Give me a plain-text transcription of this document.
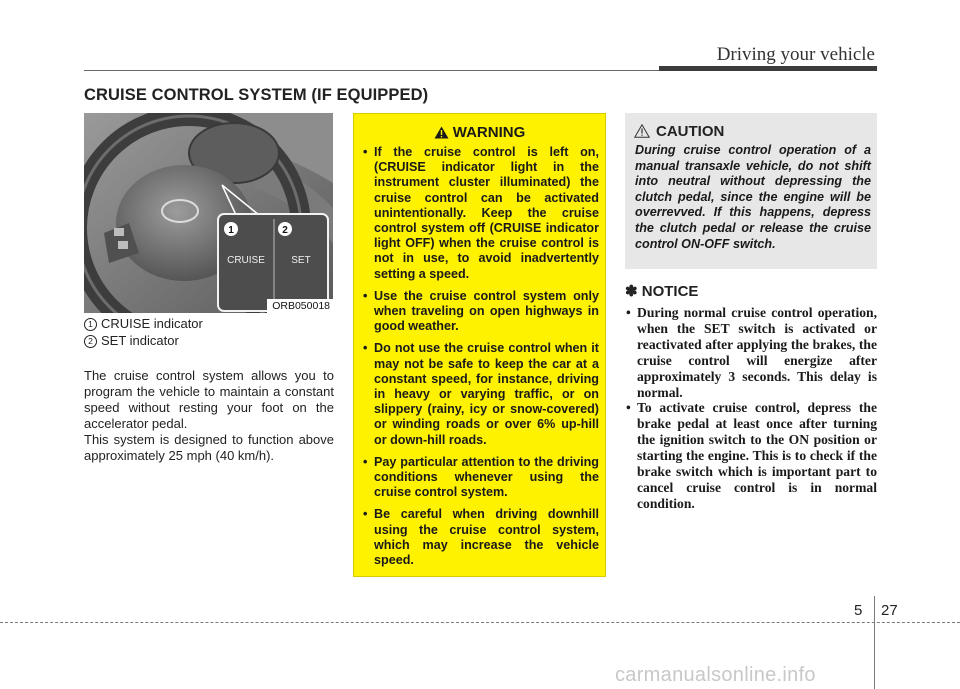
Driving your vehicle
CRUISE CONTROL SYSTEM (IF EQUIPPED)
1	2
CRUISE	SET
ORB050018
1 CRUISE indicator
2 SET indicator
The cruise control system allows you to program the vehicle to maintain a constant speed without resting your foot on the accelerator pedal.
This system is designed to function above approximately 25 mph (40 km/h).
WARNING
• If the cruise control is left on, (CRUISE indicator light in the instrument cluster illuminated) the cruise control can be activated unintentionally. Keep the cruise control system off (CRUISE indicator light OFF) when the cruise control is not in use, to avoid inadvertently setting a speed.
• Use the cruise control system only when traveling on open highways in good weather.
• Do not use the cruise control when it may not be safe to keep the car at a constant speed, for instance, driving in heavy or varying traffic, or on slippery (rainy, icy or snow-covered) or winding roads or over 6% up-hill or down-hill roads.
• Pay particular attention to the driving conditions whenever using the cruise control system.
• Be careful when driving downhill using the cruise control system, which may increase the vehicle speed.
CAUTION
During cruise control operation of a manual transaxle vehicle, do not shift into neutral without depressing the clutch pedal, since the engine will be overrevved. If this happens, depress the clutch pedal or release the cruise control ON-OFF switch.
✽ NOTICE
• During normal cruise control operation, when the SET switch is activated or reactivated after applying the brakes, the cruise control will energize after approximately 3 seconds. This delay is normal.
• To activate cruise control, depress the brake pedal at least once after turning the ignition switch to the ON position or starting the engine. This is to check if the brake switch which is important part to cancel cruise control is in normal condition.
5 27
carmanualsonline.info
